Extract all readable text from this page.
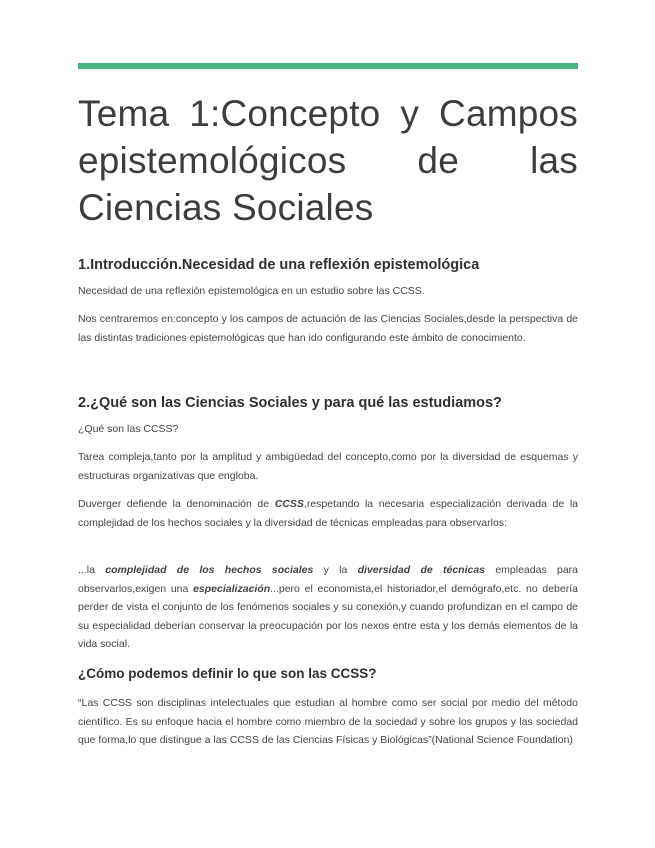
Tema 1:Concepto y Campos epistemológicos de las Ciencias Sociales
1.Introducción.Necesidad de una reflexión epistemológica

Necesidad de una reflexión epistemológica en un estudio sobre las CCSS.

Nos centraremos en:concepto y los campos de actuación de las Ciencias Sociales,desde la perspectiva de las distintas tradiciones epistemológicas que han ido configurando este ámbito de conocimiento.

2.¿Qué son las Ciencias Sociales y para qué las estudiamos?

¿Qué son las CCSS?

Tarea compleja,tanto por la amplitud y ambigüedad del concepto,como por la diversidad de esquemas y estructuras organizativas que engloba.

Duverger defiende la denominación de CCSS,respetando la necesaria especialización derivada de la complejidad de los hechos sociales y la diversidad de técnicas empleadas para observarlos:

...la complejidad de los hechos sociales y la diversidad de técnicas empleadas para observarlos,exigen una especialización...pero el economista,el historiador,el demógrafo,etc. no debería perder de vista el conjunto de los fenómenos sociales y su conexión,y cuando profundizan en el campo de su especialidad deberían conservar la preocupación por los nexos entre esta y los demás elementos de la vida social.

¿Cómo podemos definir lo que son las CCSS?

“Las CCSS son disciplinas intelectuales que estudian al hombre como ser social por medio del método científico. Es su enfoque hacia el hombre como miembro de la sociedad y sobre los grupos y las sociedad que forma,lo que distingue a las CCSS de las Ciencias Físicas y Biológicas”(National Science Foundation)
